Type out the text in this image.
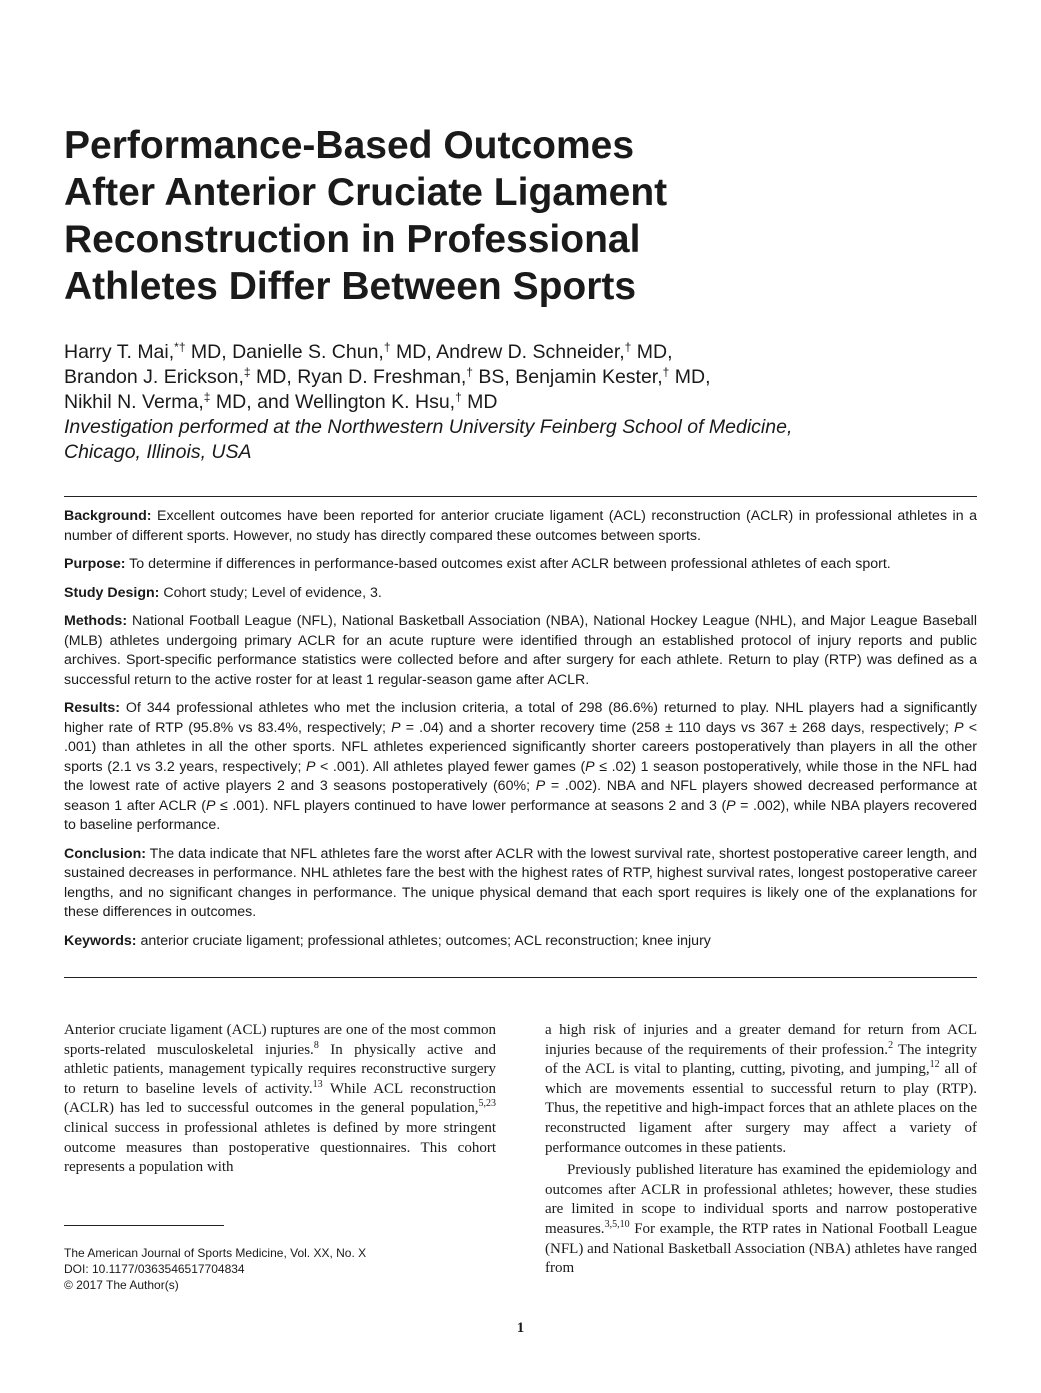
Performance-Based Outcomes
After Anterior Cruciate Ligament
Reconstruction in Professional
Athletes Differ Between Sports
Harry T. Mai,*† MD, Danielle S. Chun,† MD, Andrew D. Schneider,† MD,
Brandon J. Erickson,‡ MD, Ryan D. Freshman,† BS, Benjamin Kester,† MD,
Nikhil N. Verma,‡ MD, and Wellington K. Hsu,† MD
Investigation performed at the Northwestern University Feinberg School of Medicine,
Chicago, Illinois, USA

Background: Excellent outcomes have been reported for anterior cruciate ligament (ACL) reconstruction (ACLR) in professional athletes in a number of different sports. However, no study has directly compared these outcomes between sports.

Purpose: To determine if differences in performance-based outcomes exist after ACLR between professional athletes of each sport.

Study Design: Cohort study; Level of evidence, 3.

Methods: National Football League (NFL), National Basketball Association (NBA), National Hockey League (NHL), and Major League Baseball (MLB) athletes undergoing primary ACLR for an acute rupture were identified through an established protocol of injury reports and public archives. Sport-specific performance statistics were collected before and after surgery for each athlete. Return to play (RTP) was defined as a successful return to the active roster for at least 1 regular-season game after ACLR.

Results: Of 344 professional athletes who met the inclusion criteria, a total of 298 (86.6%) returned to play. NHL players had a significantly higher rate of RTP (95.8% vs 83.4%, respectively; P = .04) and a shorter recovery time (258 ± 110 days vs 367 ± 268 days, respectively; P < .001) than athletes in all the other sports. NFL athletes experienced significantly shorter careers postoperatively than players in all the other sports (2.1 vs 3.2 years, respectively; P < .001). All athletes played fewer games (P ≤ .02) 1 season postoperatively, while those in the NFL had the lowest rate of active players 2 and 3 seasons postoperatively (60%; P = .002). NBA and NFL players showed decreased performance at season 1 after ACLR (P ≤ .001). NFL players continued to have lower performance at seasons 2 and 3 (P = .002), while NBA players recovered to baseline performance.

Conclusion: The data indicate that NFL athletes fare the worst after ACLR with the lowest survival rate, shortest postoperative career length, and sustained decreases in performance. NHL athletes fare the best with the highest rates of RTP, highest survival rates, longest postoperative career lengths, and no significant changes in performance. The unique physical demand that each sport requires is likely one of the explanations for these differences in outcomes.

Keywords: anterior cruciate ligament; professional athletes; outcomes; ACL reconstruction; knee injury

Anterior cruciate ligament (ACL) ruptures are one of the most common sports-related musculoskeletal injuries.$^8$ In physically active and athletic patients, management typically requires reconstructive surgery to return to baseline levels of activity.$^{13}$ While ACL reconstruction (ACLR) has led to successful outcomes in the general population,$^{5,23}$ clinical success in professional athletes is defined by more stringent outcome measures than postoperative questionnaires. This cohort represents a population with

The American Journal of Sports Medicine, Vol. XX, No. X
DOI: 10.1177/0363546517704834
© 2017 The Author(s)

a high risk of injuries and a greater demand for return from ACL injuries because of the requirements of their profession.$^2$ The integrity of the ACL is vital to planting, cutting, pivoting, and jumping,$^{12}$ all of which are movements essential to successful return to play (RTP). Thus, the repetitive and high-impact forces that an athlete places on the reconstructed ligament after surgery may affect a variety of performance outcomes in these patients.

Previously published literature has examined the epidemiology and outcomes after ACLR in professional athletes; however, these studies are limited in scope to individual sports and narrow postoperative measures.$^{3,5,10}$ For example, the RTP rates in National Football League (NFL) and National Basketball Association (NBA) athletes have ranged from

1
